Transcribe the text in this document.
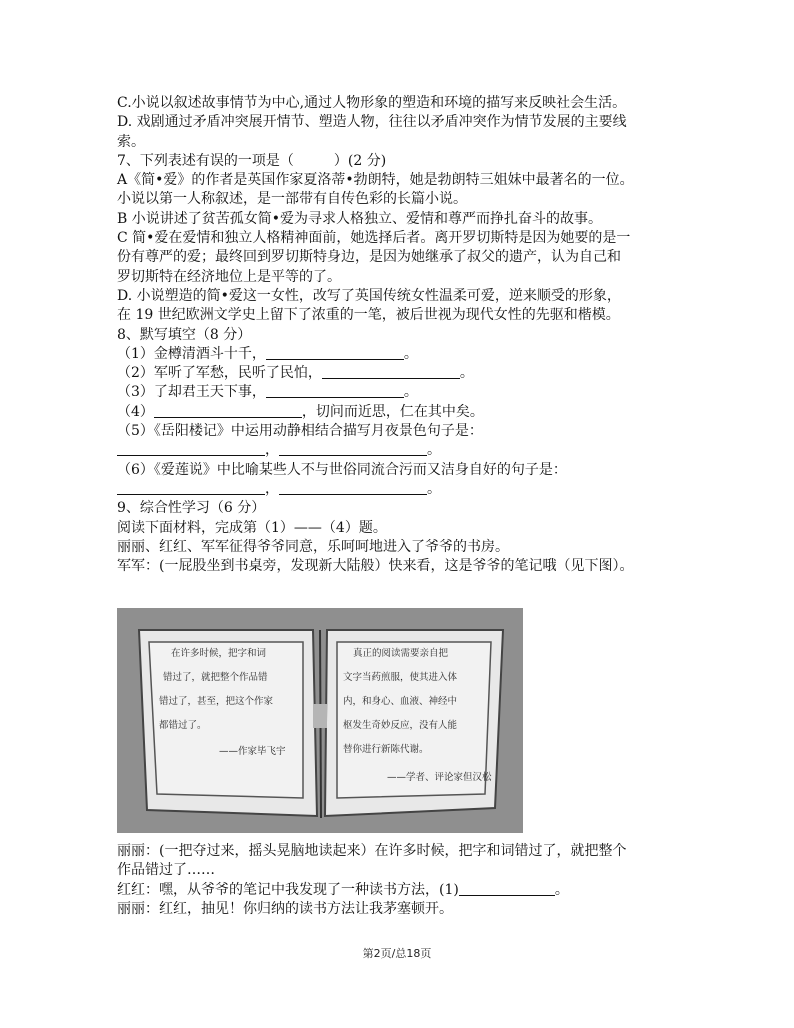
C.小说以叙述故事情节为中心,通过人物形象的塑造和环境的描写来反映社会生活。
D. 戏剧通过矛盾冲突展开情节、塑造人物，往往以矛盾冲突作为情节发展的主要线
索。
7、下列表述有误的一项是（	）(2 分)
A《简•爱》的作者是英国作家夏洛蒂•勃朗特，她是勃朗特三姐妹中最著名的一位。
小说以第一人称叙述，是一部带有自传色彩的长篇小说。
B 小说讲述了贫苦孤女简•爱为寻求人格独立、爱情和尊严而挣扎奋斗的故事。
C 简•爱在爱情和独立人格精神面前，她选择后者。离开罗切斯特是因为她要的是一
份有尊严的爱；最终回到罗切斯特身边，是因为她继承了叔父的遗产，认为自己和
罗切斯特在经济地位上是平等的了。
D. 小说塑造的简•爱这一女性，改写了英国传统女性温柔可爱，逆来顺受的形象，
在 19 世纪欧洲文学史上留下了浓重的一笔，被后世视为现代女性的先驱和楷模。
8、默写填空（8 分）
（1）金樽清酒斗十千，	。
（2）军听了军愁，民听了民怕，	。
（3）了却君王天下事，	。
（4）	，切问而近思，仁在其中矣。
（5）《岳阳楼记》中运用动静相结合描写月夜景色句子是：
，	。
（6）《爱莲说》中比喻某些人不与世俗同流合污而又洁身自好的句子是：
，	。
9、综合性学习（6 分）
阅读下面材料，完成第（1）——（4）题。
丽丽、红红、军军征得爷爷同意，乐呵呵地进入了爷爷的书房。
军军：(一屁股坐到书桌旁，发现新大陆般）快来看，这是爷爷的笔记哦（见下图）。
在许多时候，把字和词
错过了，就把整个作品错
错过了，甚至，把这个作家
都错过了。
——作家毕飞宇
真正的阅读需要亲自把
文字当药煎服，使其进入体
内，和身心、血液、神经中
枢发生奇妙反应，没有人能
替你进行新陈代谢。
——学者、评论家但汉松
丽丽：(一把夺过来，摇头晃脑地读起来）在许多时候，把字和词错过了，就把整个
作品错过了……
红红：嘿，从爷爷的笔记中我发现了一种读书方法，(1)	。
丽丽：红红，抽见！你归纳的读书方法让我茅塞顿开。
第2页/总18页
